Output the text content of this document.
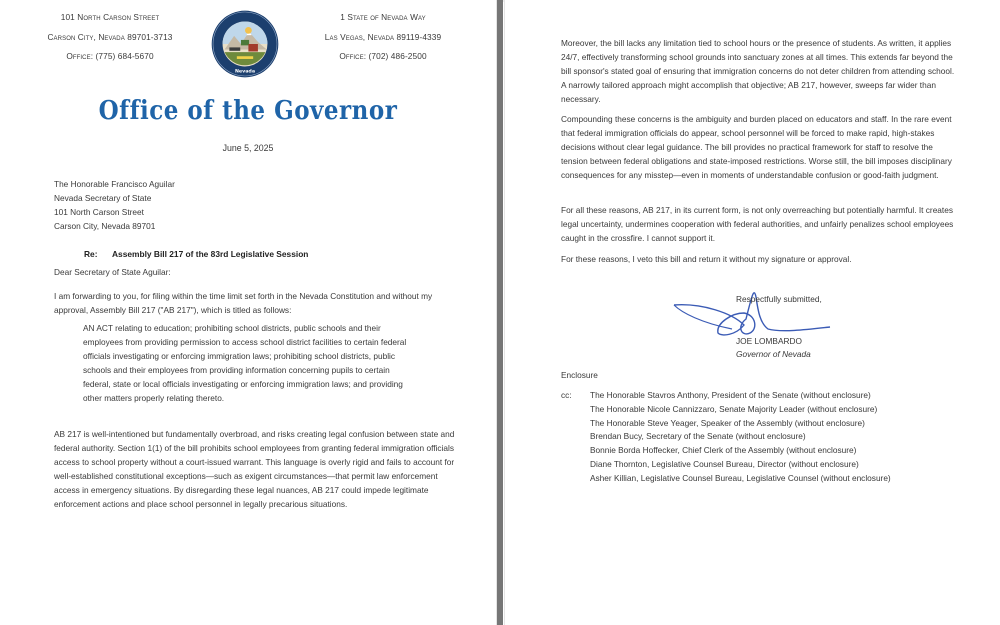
101 North Carson Street
Carson City, Nevada 89701-3713
Office: (775) 684-5670
Nevada
1 State of Nevada Way
Las Vegas, Nevada 89119-4339
Office: (702) 486-2500
Office of the Governor
June 5, 2025
The Honorable Francisco Aguilar
Nevada Secretary of State
101 North Carson Street
Carson City, Nevada 89701
Re: Assembly Bill 217 of the 83rd Legislative Session
Dear Secretary of State Aguilar:
I am forwarding to you, for filing within the time limit set forth in the Nevada Constitution and without my approval, Assembly Bill 217 ("AB 217"), which is titled as follows:
AN ACT relating to education; prohibiting school districts, public schools and their employees from providing permission to access school district facilities to certain federal officials investigating or enforcing immigration laws; prohibiting school districts, public schools and their employees from providing information concerning pupils to certain federal, state or local officials investigating or enforcing immigration laws; and providing other matters properly relating thereto.
AB 217 is well-intentioned but fundamentally overbroad, and risks creating legal confusion between state and federal authority. Section 1(1) of the bill prohibits school employees from granting federal immigration officials access to school property without a court-issued warrant. This language is overly rigid and fails to account for well-established constitutional exceptions—such as exigent circumstances—that permit law enforcement access in emergency situations. By disregarding these legal nuances, AB 217 could impede legitimate enforcement actions and place school personnel in legally precarious situations.
Moreover, the bill lacks any limitation tied to school hours or the presence of students. As written, it applies 24/7, effectively transforming school grounds into sanctuary zones at all times. This extends far beyond the bill sponsor's stated goal of ensuring that immigration concerns do not deter children from attending school. A narrowly tailored approach might accomplish that objective; AB 217, however, sweeps far wider than necessary.
Compounding these concerns is the ambiguity and burden placed on educators and staff. In the rare event that federal immigration officials do appear, school personnel will be forced to make rapid, high-stakes decisions without clear legal guidance. The bill provides no practical framework for staff to resolve the tension between federal obligations and state-imposed restrictions. Worse still, the bill imposes disciplinary consequences for any misstep—even in moments of understandable confusion or good-faith judgment.
For all these reasons, AB 217, in its current form, is not only overreaching but potentially harmful. It creates legal uncertainty, undermines cooperation with federal authorities, and unfairly penalizes school employees caught in the crossfire. I cannot support it.
For these reasons, I veto this bill and return it without my signature or approval.
Respectfully submitted,
JOE LOMBARDO
Governor of Nevada
Enclosure
cc: The Honorable Stavros Anthony, President of the Senate (without enclosure)
The Honorable Nicole Cannizzaro, Senate Majority Leader (without enclosure)
The Honorable Steve Yeager, Speaker of the Assembly (without enclosure)
Brendan Bucy, Secretary of the Senate (without enclosure)
Bonnie Borda Hoffecker, Chief Clerk of the Assembly (without enclosure)
Diane Thornton, Legislative Counsel Bureau, Director (without enclosure)
Asher Killian, Legislative Counsel Bureau, Legislative Counsel (without enclosure)
